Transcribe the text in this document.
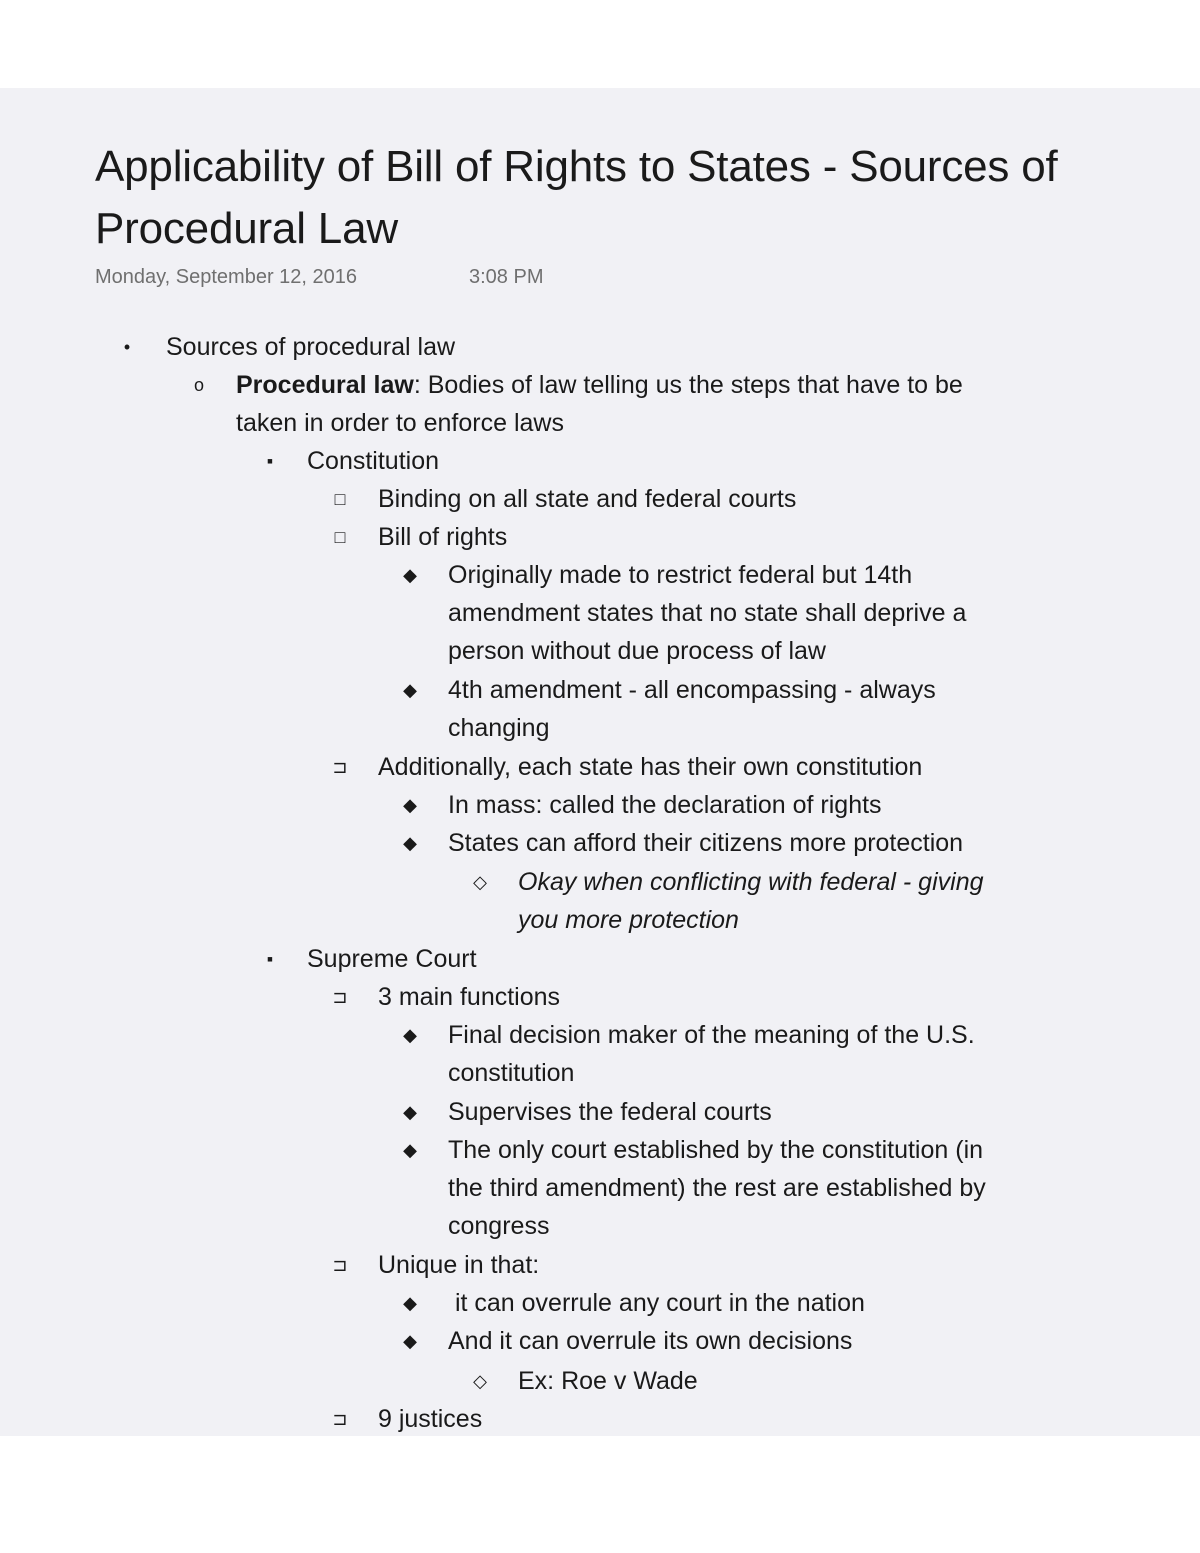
Applicability of Bill of Rights to States - Sources of
Procedural Law
Monday, September 12, 2016	3:08 PM
•	Sources of procedural law
o Procedural law: Bodies of law telling us the steps that have to be
taken in order to enforce laws
▪	Constitution
□ Binding on all state and federal courts
□ Bill of rights
◆ Originally made to restrict federal but 14th
amendment states that no state shall deprive a
person without due process of law
◆ 4th amendment - all encompassing - always
changing
⊐ Additionally, each state has their own constitution
◆ In mass: called the declaration of rights
◆ States can afford their citizens more protection
◇ Okay when conflicting with federal - giving
you more protection
▪	Supreme Court
⊐ 3 main functions
◆ Final decision maker of the meaning of the U.S.
constitution
◆ Supervises the federal courts
◆ The only court established by the constitution (in
the third amendment) the rest are established by
congress
⊐ Unique in that:
◆ it can overrule any court in the nation
◆ And it can overrule its own decisions
◇ Ex: Roe v Wade
⊐ 9 justices
